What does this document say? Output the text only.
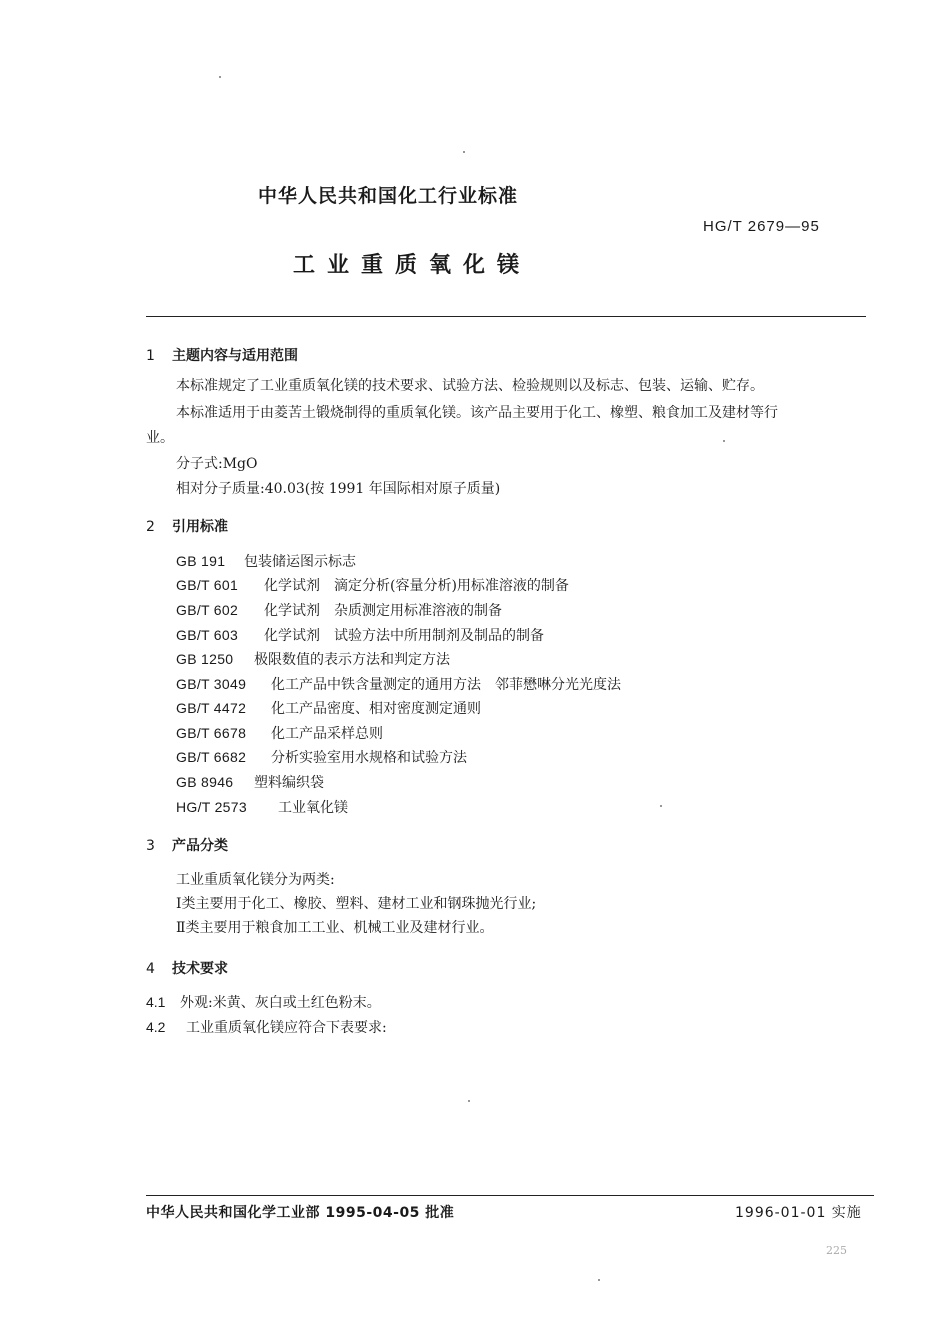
中华人民共和国化工行业标准
HG/T 2679—95
工业重质氧化镁
1 主题内容与适用范围
本标准规定了工业重质氧化镁的技术要求、试验方法、检验规则以及标志、包装、运输、贮存。
本标准适用于由菱苦土锻烧制得的重质氧化镁。该产品主要用于化工、橡塑、粮食加工及建材等行
业。
分子式:MgO
相对分子质量:40.03(按 1991 年国际相对原子质量)
2 引用标准
GB 191 包装储运图示标志
GB/T 601 化学试剂　滴定分析(容量分析)用标准溶液的制备
GB/T 602 化学试剂　杂质测定用标准溶液的制备
GB/T 603 化学试剂　试验方法中所用制剂及制品的制备
GB 1250 极限数值的表示方法和判定方法
GB/T 3049 化工产品中铁含量测定的通用方法　邻菲懋啉分光光度法
GB/T 4472 化工产品密度、相对密度测定通则
GB/T 6678 化工产品采样总则
GB/T 6682 分析实验室用水规格和试验方法
GB 8946 塑料编织袋
HG/T 2573 工业氧化镁
3 产品分类
工业重质氧化镁分为两类:
Ⅰ类主要用于化工、橡胶、塑料、建材工业和钢珠抛光行业;
Ⅱ类主要用于粮食加工工业、机械工业及建材行业。
4 技术要求
4.1 外观:米黄、灰白或土红色粉末。
4.2 工业重质氧化镁应符合下表要求:
中华人民共和国化学工业部 1995-04-05 批准	1996-01-01 实施
225
